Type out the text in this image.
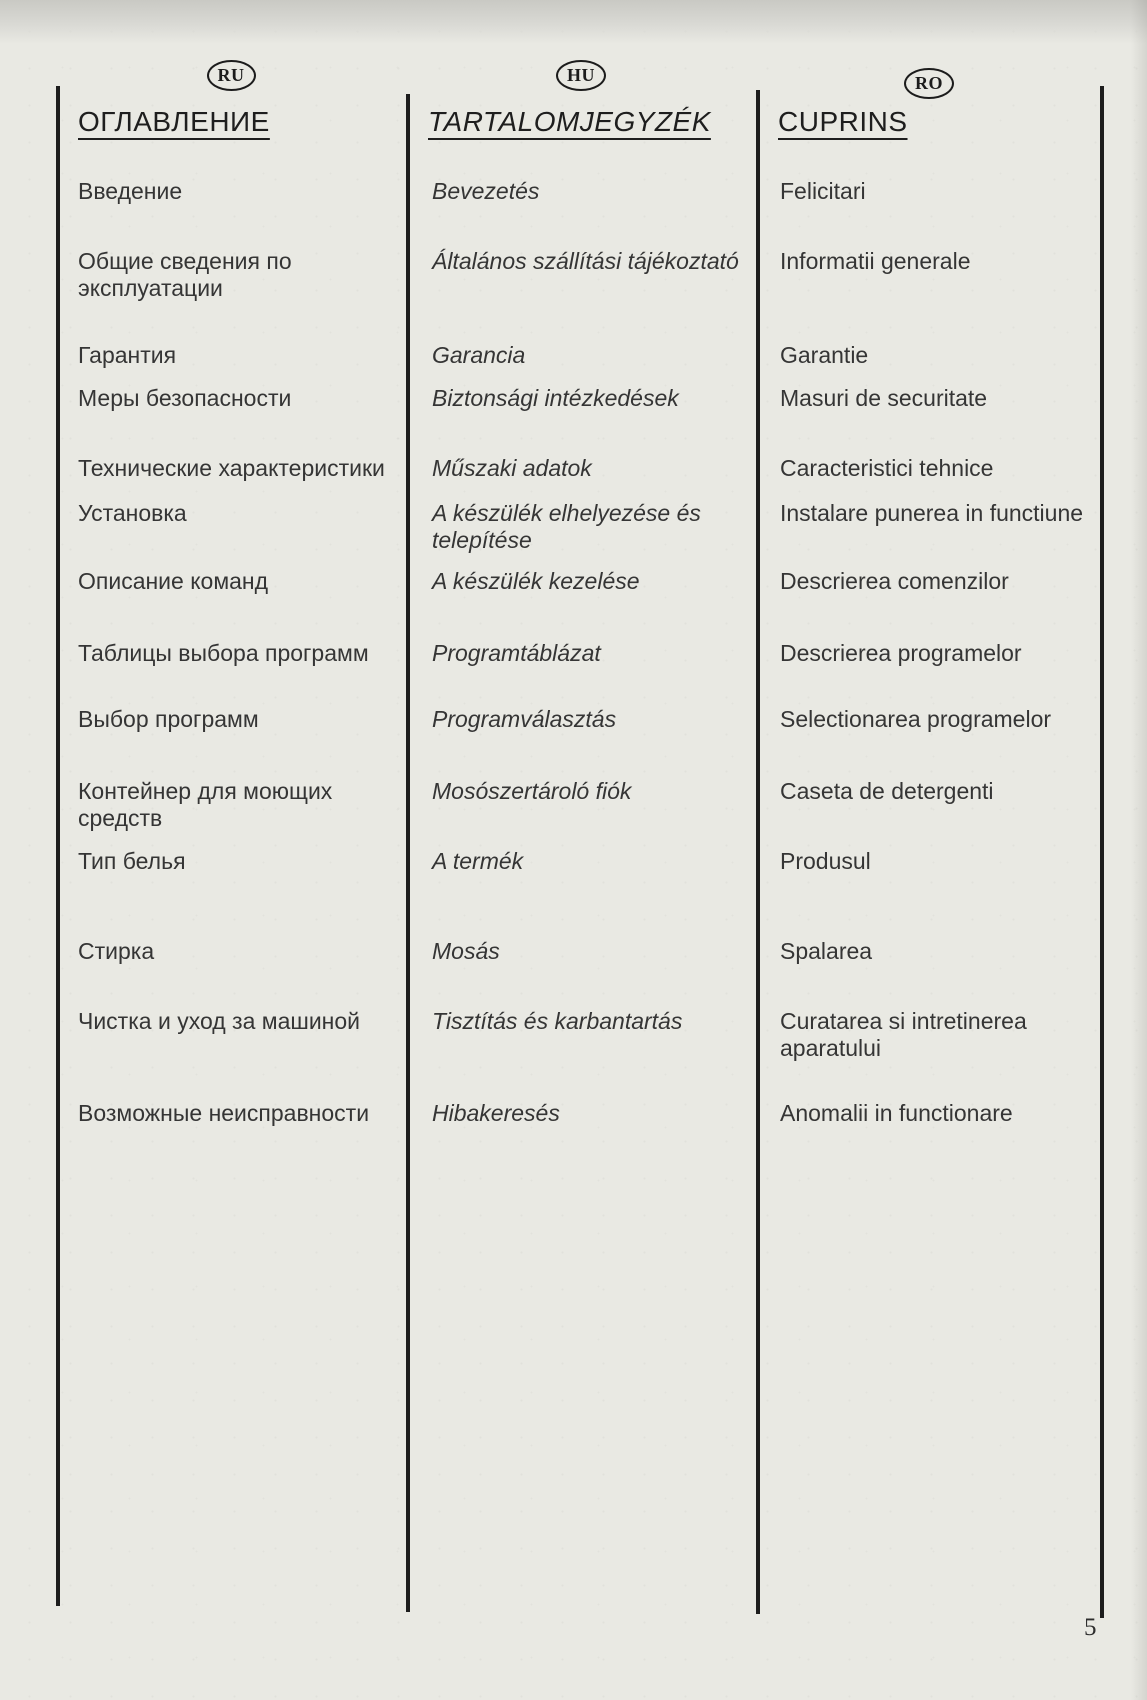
RU
ОГЛАВЛЕНИЕ
Введение
Общие сведения по эксплуатации
Гарантия
Меры безопасности
Технические характеристики
Установка
Описание команд
Таблицы выбора программ
Выбор программ
Контейнер для моющих средств
Тип белья
Стирка
Чистка и уход за машиной
Возможные неисправности
HU
TARTALOMJEGYZÉK
Bevezetés
Általános szállítási tájékoztató
Garancia
Biztonsági intézkedések
Műszaki adatok
A készülék elhelyezése és telepítése
A készülék kezelése
Programtáblázat
Programválasztás
Mosószertároló fiók
A termék
Mosás
Tisztítás és karbantartás
Hibakeresés
RO
CUPRINS
Felicitari
Informatii generale
Garantie
Masuri de securitate
Caracteristici tehnice
Instalare punerea in functiune
Descrierea comenzilor
Descrierea programelor
Selectionarea programelor
Caseta de detergenti
Produsul
Spalarea
Curatarea si intretinerea aparatului
Anomalii in functionare
5
